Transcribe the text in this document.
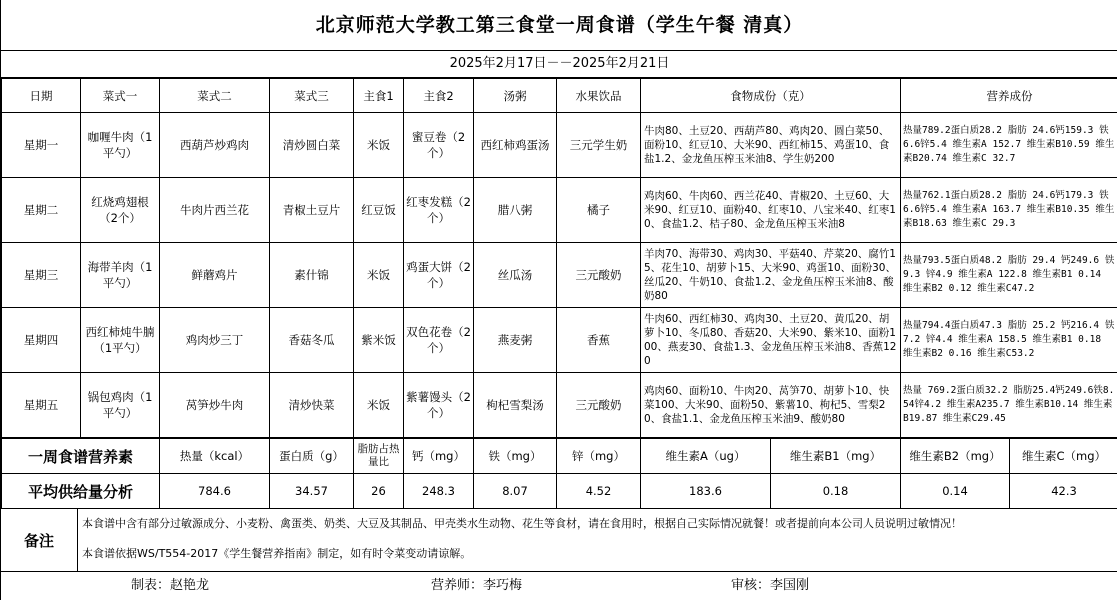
北京师范大学教工第三食堂一周食谱（学生午餐 清真）
2025年2月17日－－2025年2月21日
日期	菜式一	菜式二	菜式三	主食1	主食2	汤粥	水果饮品	食物成份（克）	营养成份
星期一	咖喱牛肉（1平勺）	西葫芦炒鸡肉	清炒圆白菜	米饭	蜜豆卷（2个）	西红柿鸡蛋汤	三元学生奶	牛肉80、土豆20、西葫芦80、鸡肉20、圆白菜50、面粉10、红豆10、大米90、西红柿15、鸡蛋10、食盐1.2、金龙鱼压榨玉米油8、学生奶200	热量789.2蛋白质28.2 脂肪 24.6钙159.3 铁6.6锌5.4 维生素A 152.7 维生素B10.59 维生素B20.74 维生素C 32.7
星期二	红烧鸡翅根（2个）	牛肉片西兰花	青椒土豆片	红豆饭	红枣发糕（2个）	腊八粥	橘子	鸡肉60、牛肉60、西兰花40、青椒20、土豆60、大米90、红豆10、面粉40、红枣10、八宝米40、红枣10、食盐1.2、桔子80、金龙鱼压榨玉米油8	热量762.1蛋白质28.2 脂肪 24.6钙179.3 铁6.6锌5.4 维生素A 163.7 维生素B10.35 维生素B18.63 维生素C 29.3
星期三	海带羊肉（1平勺）	鲜蘑鸡片	素什锦	米饭	鸡蛋大饼（2个）	丝瓜汤	三元酸奶	羊肉70、海带30、鸡肉30、平菇40、芹菜20、腐竹15、花生10、胡萝卜15、大米90、鸡蛋10、面粉30、丝瓜20、牛奶10、食盐1.2、金龙鱼压榨玉米油8、酸奶80	热量793.5蛋白质48.2 脂肪 29.4 钙249.6 铁9.3 锌4.9 维生素A 122.8 维生素B1 0.14 维生素B2 0.12 维生素C47.2
星期四	西红柿炖牛腩（1平勺）	鸡肉炒三丁	香菇冬瓜	紫米饭	双色花卷（2个）	燕麦粥	香蕉	牛肉60、西红柿30、鸡肉30、土豆20、黄瓜20、胡萝卜10、冬瓜80、香菇20、大米90、紫米10、面粉100、燕麦30、食盐1.3、金龙鱼压榨玉米油8、香蕉120	热量794.4蛋白质47.3 脂肪 25.2 钙216.4 铁7.2 锌4.4 维生素A 158.5 维生素B1 0.18 维生素B2 0.16 维生素C53.2
星期五	锅包鸡肉（1平勺）	莴笋炒牛肉	清炒快菜	米饭	紫薯馒头（2个）	枸杞雪梨汤	三元酸奶	鸡肉60、面粉10、牛肉20、莴笋70、胡萝卜10、快菜100、大米90、面粉50、紫薯10、枸杞5、雪梨20、食盐1.1、金龙鱼压榨玉米油9、酸奶80	热量 769.2蛋白质32.2 脂肪25.4钙249.6铁8.54锌4.2 维生素A235.7 维生素B10.14 维生素B19.87 维生素C29.45
一周食谱营养素	热量（kcal）	蛋白质（g）	脂肪占热量比	钙（mg）	铁（mg）	锌（mg）	维生素A（ug）	维生素B1（mg）	维生素B2（mg）	维生素C（mg）
平均供给量分析	784.6	34.57	26	248.3	8.07	4.52	183.6	0.18	0.14	42.3
备注
本食谱中含有部分过敏源成分、小麦粉、禽蛋类、奶类、大豆及其制品、甲壳类水生动物、花生等食材，请在食用时，根据自己实际情况就餐！或者提前向本公司人员说明过敏情况！
本食谱依据WS/T554-2017《学生餐营养指南》制定，如有时令菜变动请谅解。
制表：赵艳龙	营养师：李巧梅	审核：李国刚
